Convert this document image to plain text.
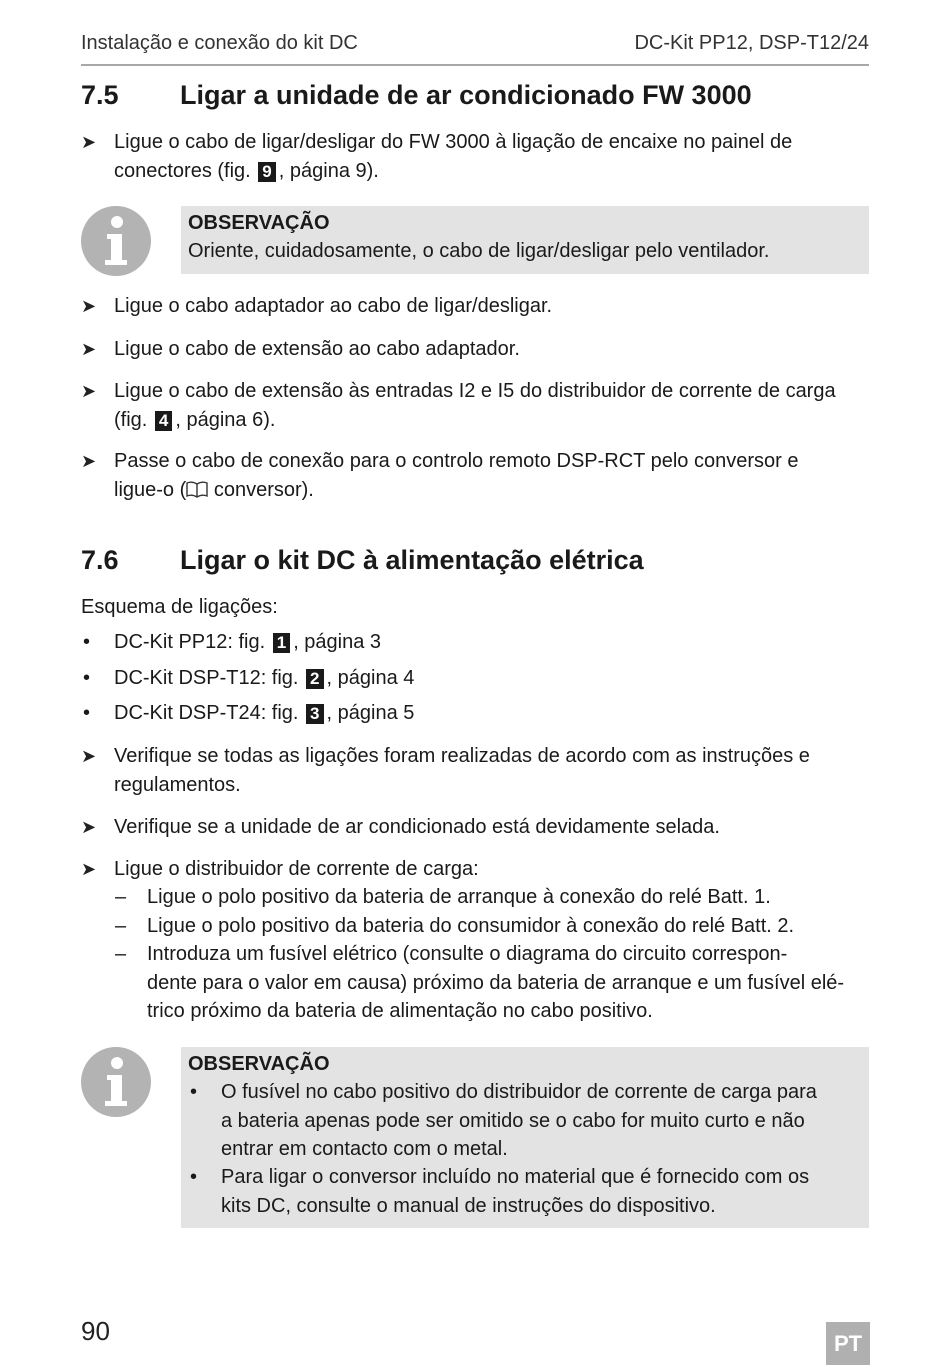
Instalação e conexão do kit DC	DC-Kit PP12, DSP-T12/24
7.5 Ligar a unidade de ar condicionado FW 3000
➤ Ligue o cabo de ligar/desligar do FW 3000 à ligação de encaixe no painel de
conectores (fig. 9 , página 9).
OBSERVAÇÃO
Oriente, cuidadosamente, o cabo de ligar/desligar pelo ventilador.
➤ Ligue o cabo adaptador ao cabo de ligar/desligar.
➤ Ligue o cabo de extensão ao cabo adaptador.
➤ Ligue o cabo de extensão às entradas I2 e I5 do distribuidor de corrente de carga
(fig. 4 , página 6).
➤ Passe o cabo de conexão para o controlo remoto DSP-RCT pelo conversor e
ligue-o ( conversor).
7.6 Ligar o kit DC à alimentação elétrica
Esquema de ligações:
• DC-Kit PP12: fig. 1 , página 3
• DC-Kit DSP-T12: fig. 2 , página 4
• DC-Kit DSP-T24: fig. 3 , página 5
➤ Verifique se todas as ligações foram realizadas de acordo com as instruções e
regulamentos.
➤ Verifique se a unidade de ar condicionado está devidamente selada.
➤ Ligue o distribuidor de corrente de carga:
– Ligue o polo positivo da bateria de arranque à conexão do relé Batt. 1.
– Ligue o polo positivo da bateria do consumidor à conexão do relé Batt. 2.
– Introduza um fusível elétrico (consulte o diagrama do circuito correspon-
dente para o valor em causa) próximo da bateria de arranque e um fusível elé-
trico próximo da bateria de alimentação no cabo positivo.
OBSERVAÇÃO
• O fusível no cabo positivo do distribuidor de corrente de carga para
a bateria apenas pode ser omitido se o cabo for muito curto e não
entrar em contacto com o metal.
• Para ligar o conversor incluído no material que é fornecido com os
kits DC, consulte o manual de instruções do dispositivo.
90	PT
